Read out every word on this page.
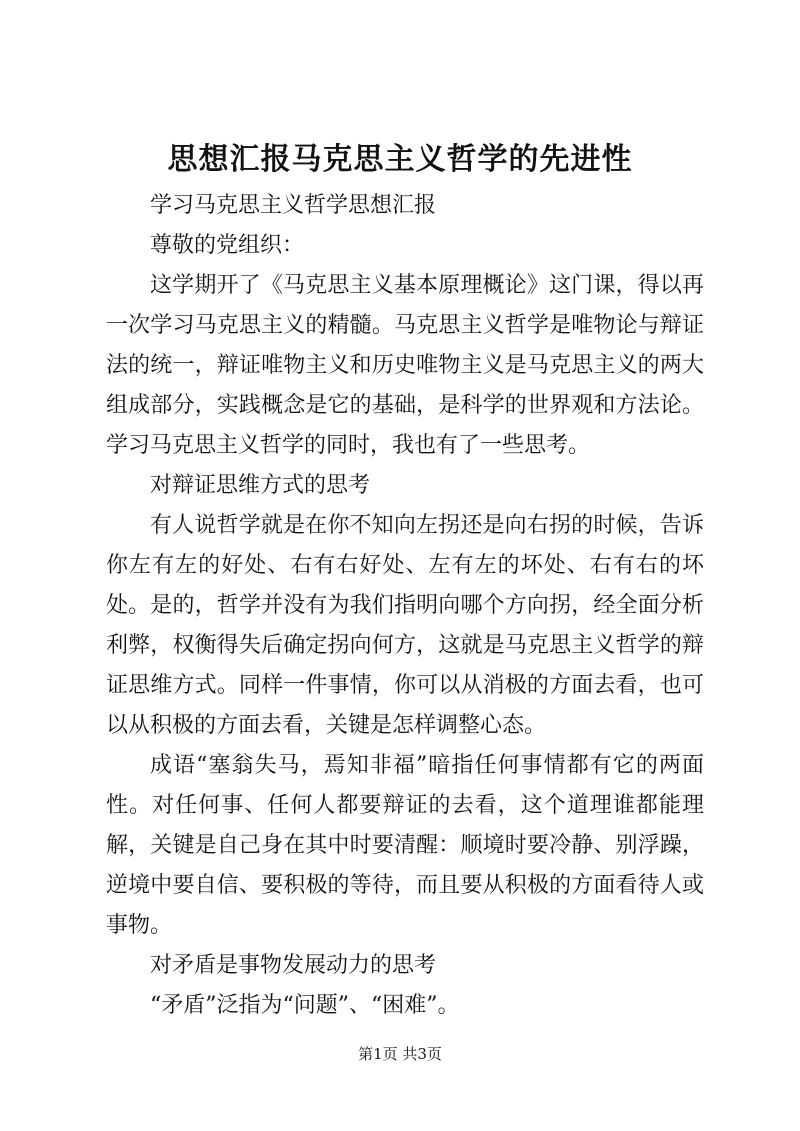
思想汇报马克思主义哲学的先进性

学习马克思主义哲学思想汇报

尊敬的党组织：

这学期开了《马克思主义基本原理概论》这门课，得以再一次学习马克思主义的精髓。马克思主义哲学是唯物论与辩证法的统一，辩证唯物主义和历史唯物主义是马克思主义的两大组成部分，实践概念是它的基础，是科学的世界观和方法论。学习马克思主义哲学的同时，我也有了一些思考。

对辩证思维方式的思考

有人说哲学就是在你不知向左拐还是向右拐的时候，告诉你左有左的好处、右有右好处、左有左的坏处、右有右的坏处。是的，哲学并没有为我们指明向哪个方向拐，经全面分析利弊，权衡得失后确定拐向何方，这就是马克思主义哲学的辩证思维方式。同样一件事情，你可以从消极的方面去看，也可以从积极的方面去看，关键是怎样调整心态。

成语“塞翁失马，焉知非福”暗指任何事情都有它的两面性。对任何事、任何人都要辩证的去看，这个道理谁都能理解，关键是自己身在其中时要清醒：顺境时要冷静、别浮躁，逆境中要自信、要积极的等待，而且要从积极的方面看待人或事物。

对矛盾是事物发展动力的思考

“矛盾”泛指为“问题”、“困难”。

第1页 共3页
